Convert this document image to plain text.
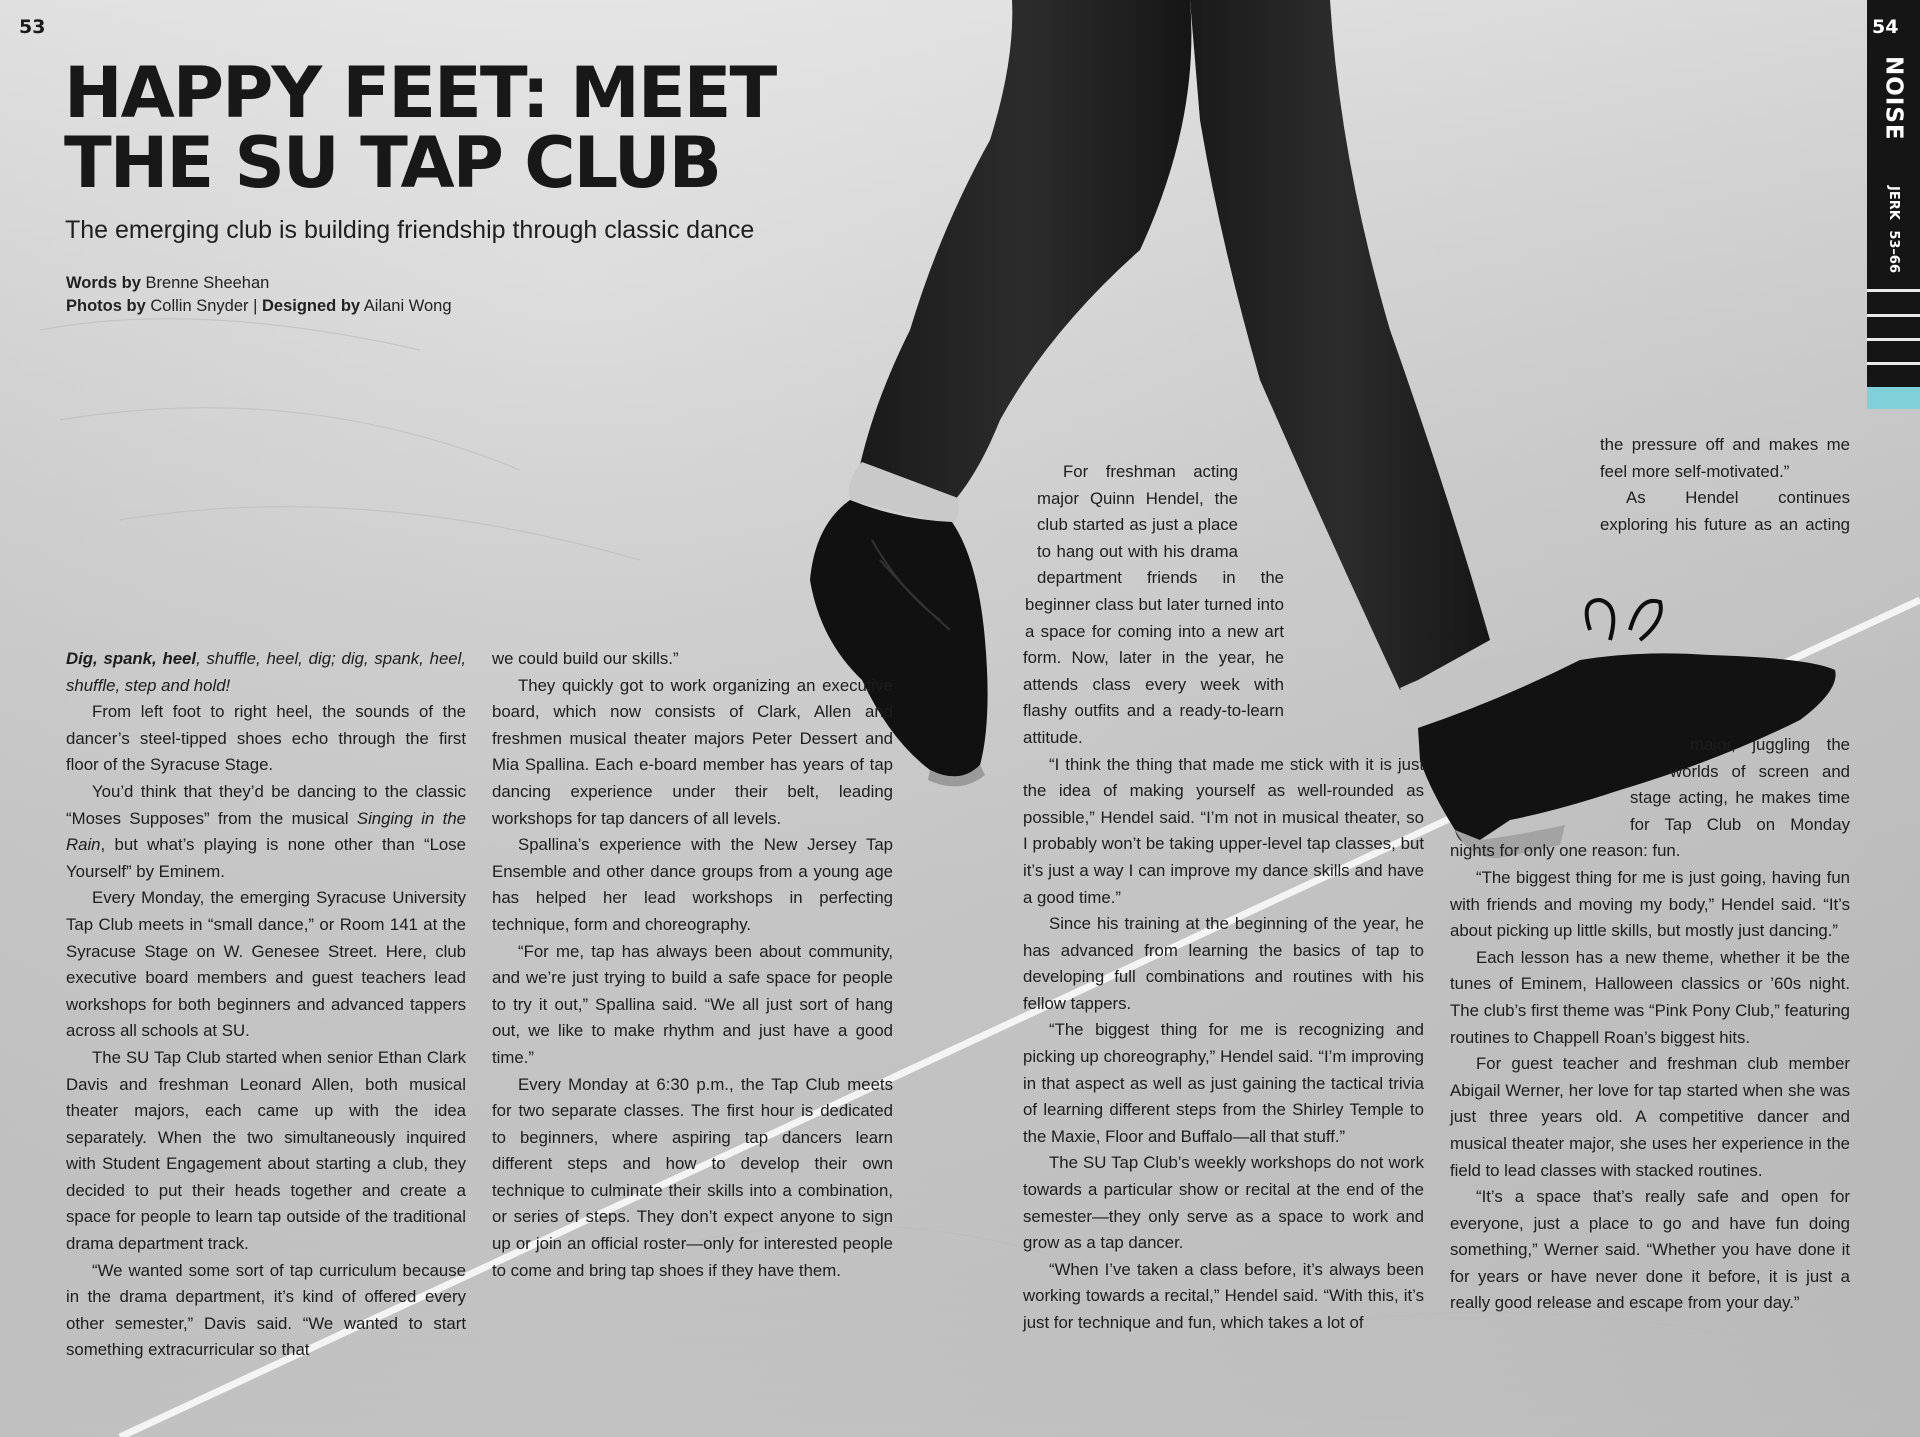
53	54
NOISE
JERK 53–66
HAPPY FEET: MEET
THE SU TAP CLUB

The emerging club is building friendship through classic dance

Words by Brenne Sheehan
Photos by Collin Snyder | Designed by Ailani Wong

Dig, spank, heel, shuffle, heel, dig; dig, spank, heel, shuffle, step and hold!

From left foot to right heel, the sounds of the dancer’s steel-tipped shoes echo through the first floor of the Syracuse Stage.

You’d think that they’d be dancing to the classic “Moses Supposes” from the musical Singing in the Rain, but what’s playing is none other than “Lose Yourself” by Eminem.

Every Monday, the emerging Syracuse University Tap Club meets in “small dance,” or Room 141 at the Syracuse Stage on W. Genesee Street. Here, club executive board members and guest teachers lead workshops for both beginners and advanced tappers across all schools at SU.

The SU Tap Club started when senior Ethan Clark Davis and freshman Leonard Allen, both musical theater majors, each came up with the idea separately. When the two simultaneously inquired with Student Engagement about starting a club, they decided to put their heads together and create a space for people to learn tap outside of the traditional drama department track.

“We wanted some sort of tap curriculum because in the drama department, it’s kind of offered every other semester,” Davis said. “We wanted to start something extracurricular so that

we could build our skills.”

They quickly got to work organizing an executive board, which now consists of Clark, Allen and freshmen musical theater majors Peter Dessert and Mia Spallina. Each e-board member has years of tap dancing experience under their belt, leading workshops for tap dancers of all levels.

Spallina’s experience with the New Jersey Tap Ensemble and other dance groups from a young age has helped her lead workshops in perfecting technique, form and choreography.

“For me, tap has always been about community, and we’re just trying to build a safe space for people to try it out,” Spallina said. “We all just sort of hang out, we like to make rhythm and just have a good time.”

Every Monday at 6:30 p.m., the Tap Club meets for two separate classes. The first hour is dedicated to beginners, where aspiring tap dancers learn different steps and how to develop their own technique to culminate their skills into a combination, or series of steps. They don’t expect anyone to sign up or join an official roster—only for interested people to come and bring tap shoes if they have them.

For freshman acting major Quinn Hendel, the club started as just a place to hang out with his drama department friends in the beginner class but later turned into a space for coming into a new art form. Now, later in the year, he attends class every week with flashy outfits and a ready-to-learn attitude.

“I think the thing that made me stick with it is just the idea of making yourself as well-rounded as possible,” Hendel said. “I’m not in musical theater, so I probably won’t be taking upper-level tap classes, but it’s just a way I can improve my dance skills and have a good time.”

Since his training at the beginning of the year, he has advanced from learning the basics of tap to developing full combinations and routines with his fellow tappers.

“The biggest thing for me is recognizing and picking up choreography,” Hendel said. “I’m improving in that aspect as well as just gaining the tactical trivia of learning different steps from the Shirley Temple to the Maxie, Floor and Buffalo—all that stuff.”

The SU Tap Club’s weekly workshops do not work towards a particular show or recital at the end of the semester—they only serve as a space to work and grow as a tap dancer.

“When I’ve taken a class before, it’s always been working towards a recital,” Hendel said. “With this, it’s just for technique and fun, which takes a lot of

the pressure off and makes me feel more self-motivated.”

As Hendel continues exploring his future as an acting major, juggling the worlds of screen and stage acting, he makes time for Tap Club on Monday nights for only one reason: fun.

“The biggest thing for me is just going, having fun with friends and moving my body,” Hendel said. “It’s about picking up little skills, but mostly just dancing.”

Each lesson has a new theme, whether it be the tunes of Eminem, Halloween classics or ’60s night. The club’s first theme was “Pink Pony Club,” featuring routines to Chappell Roan’s biggest hits.

For guest teacher and freshman club member Abigail Werner, her love for tap started when she was just three years old. A competitive dancer and musical theater major, she uses her experience in the field to lead classes with stacked routines.

“It’s a space that’s really safe and open for everyone, just a place to go and have fun doing something,” Werner said. “Whether you have done it for years or have never done it before, it is just a really good release and escape from your day.”
